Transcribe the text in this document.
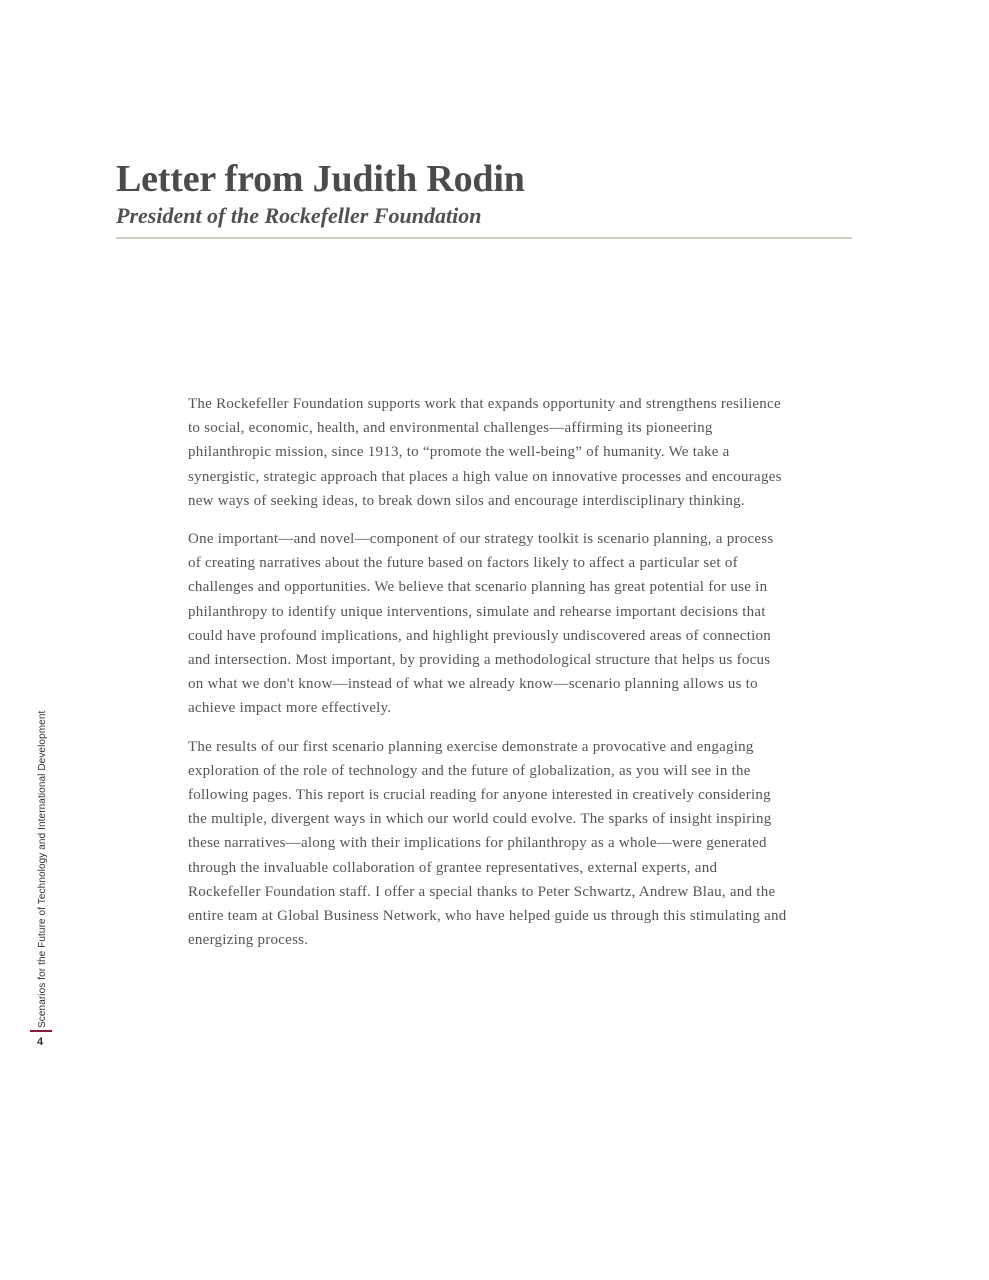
Letter from Judith Rodin
President of the Rockefeller Foundation

The Rockefeller Foundation supports work that expands opportunity and strengthens resilience to social, economic, health, and environmental challenges—affirming its pioneering philanthropic mission, since 1913, to “promote the well-being” of humanity. We take a synergistic, strategic approach that places a high value on innovative processes and encourages new ways of seeking ideas, to break down silos and encourage interdisciplinary thinking.

One important—and novel—component of our strategy toolkit is scenario planning, a process of creating narratives about the future based on factors likely to affect a particular set of challenges and opportunities. We believe that scenario planning has great potential for use in philanthropy to identify unique interventions, simulate and rehearse important decisions that could have profound implications, and highlight previously undiscovered areas of connection and intersection. Most important, by providing a methodological structure that helps us focus on what we don't know—instead of what we already know—scenario planning allows us to achieve impact more effectively.

The results of our first scenario planning exercise demonstrate a provocative and engaging exploration of the role of technology and the future of globalization, as you will see in the following pages. This report is crucial reading for anyone interested in creatively considering the multiple, divergent ways in which our world could evolve. The sparks of insight inspiring these narratives—along with their implications for philanthropy as a whole—were generated through the invaluable collaboration of grantee representatives, external experts, and Rockefeller Foundation staff. I offer a special thanks to Peter Schwartz, Andrew Blau, and the entire team at Global Business Network, who have helped guide us through this stimulating and energizing process.

Scenarios for the Future of Technology and International Development
4
